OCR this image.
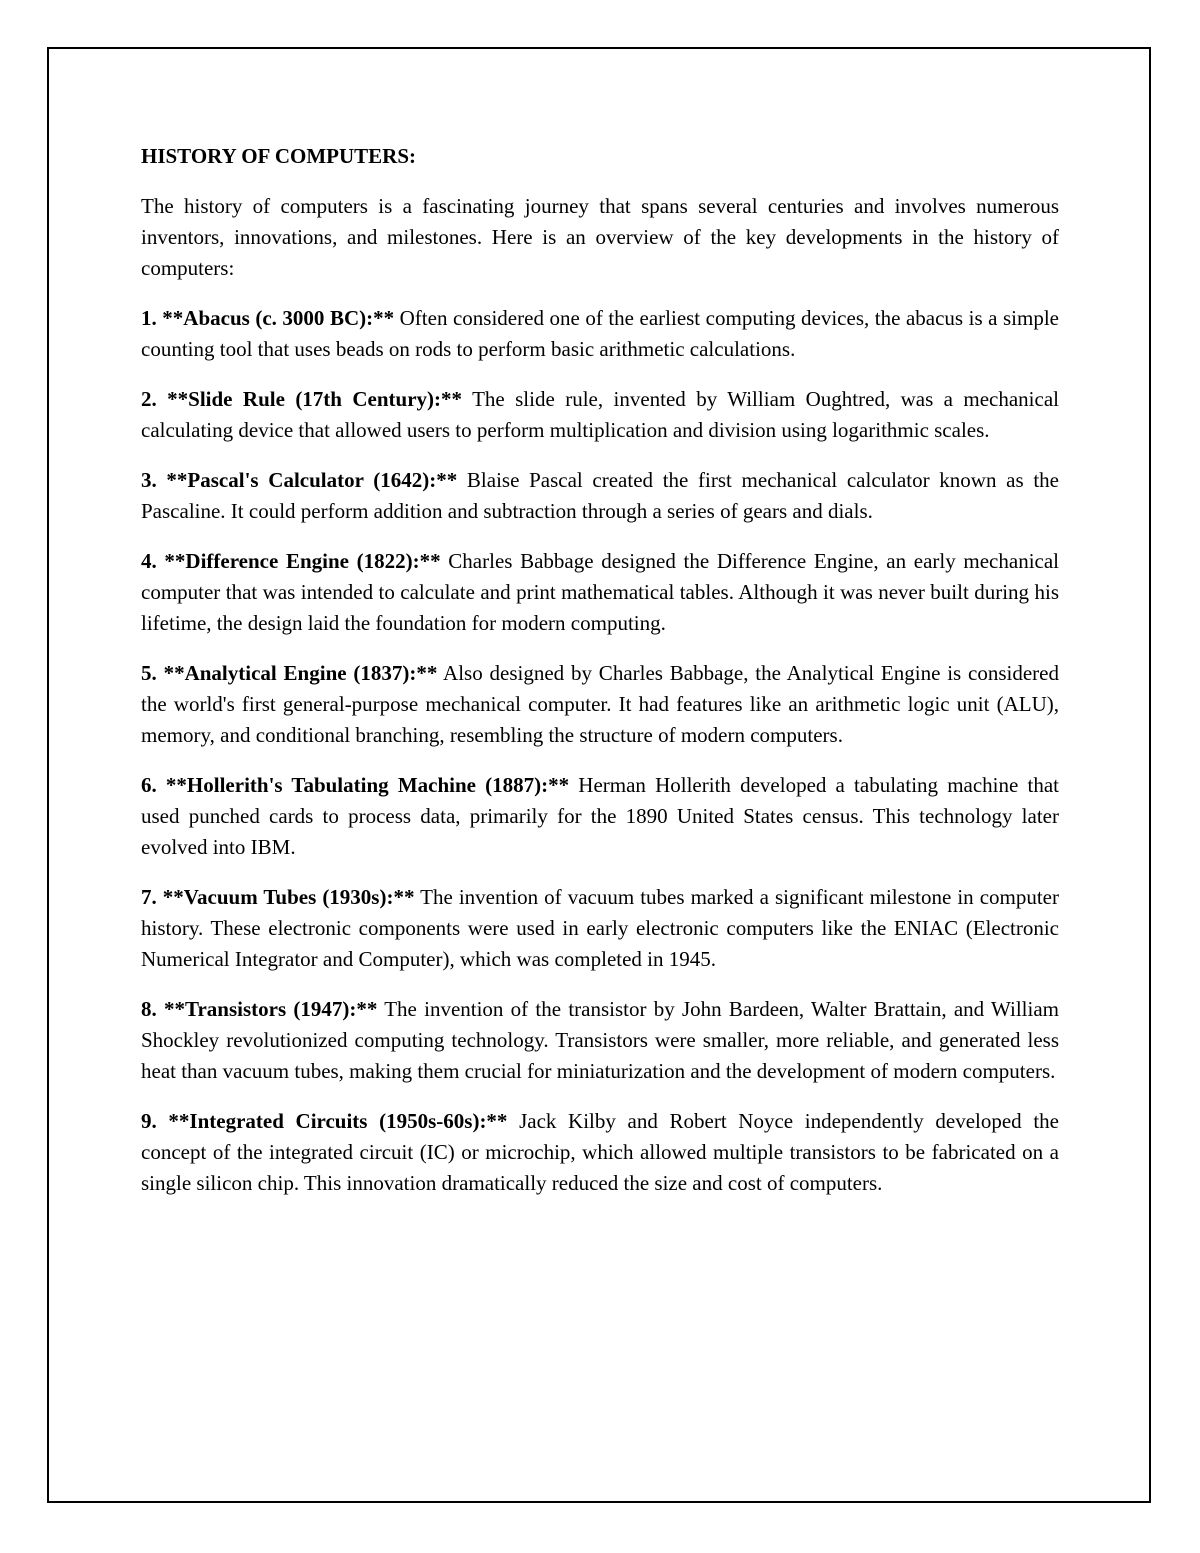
HISTORY OF COMPUTERS:

The history of computers is a fascinating journey that spans several centuries and involves numerous inventors, innovations, and milestones. Here is an overview of the key developments in the history of computers:

1. **Abacus (c. 3000 BC):** Often considered one of the earliest computing devices, the abacus is a simple counting tool that uses beads on rods to perform basic arithmetic calculations.

2. **Slide Rule (17th Century):** The slide rule, invented by William Oughtred, was a mechanical calculating device that allowed users to perform multiplication and division using logarithmic scales.

3. **Pascal's Calculator (1642):** Blaise Pascal created the first mechanical calculator known as the Pascaline. It could perform addition and subtraction through a series of gears and dials.

4. **Difference Engine (1822):** Charles Babbage designed the Difference Engine, an early mechanical computer that was intended to calculate and print mathematical tables. Although it was never built during his lifetime, the design laid the foundation for modern computing.

5. **Analytical Engine (1837):** Also designed by Charles Babbage, the Analytical Engine is considered the world's first general-purpose mechanical computer. It had features like an arithmetic logic unit (ALU), memory, and conditional branching, resembling the structure of modern computers.

6. **Hollerith's Tabulating Machine (1887):** Herman Hollerith developed a tabulating machine that used punched cards to process data, primarily for the 1890 United States census. This technology later evolved into IBM.

7. **Vacuum Tubes (1930s):** The invention of vacuum tubes marked a significant milestone in computer history. These electronic components were used in early electronic computers like the ENIAC (Electronic Numerical Integrator and Computer), which was completed in 1945.

8. **Transistors (1947):** The invention of the transistor by John Bardeen, Walter Brattain, and William Shockley revolutionized computing technology. Transistors were smaller, more reliable, and generated less heat than vacuum tubes, making them crucial for miniaturization and the development of modern computers.

9. **Integrated Circuits (1950s-60s):** Jack Kilby and Robert Noyce independently developed the concept of the integrated circuit (IC) or microchip, which allowed multiple transistors to be fabricated on a single silicon chip. This innovation dramatically reduced the size and cost of computers.
